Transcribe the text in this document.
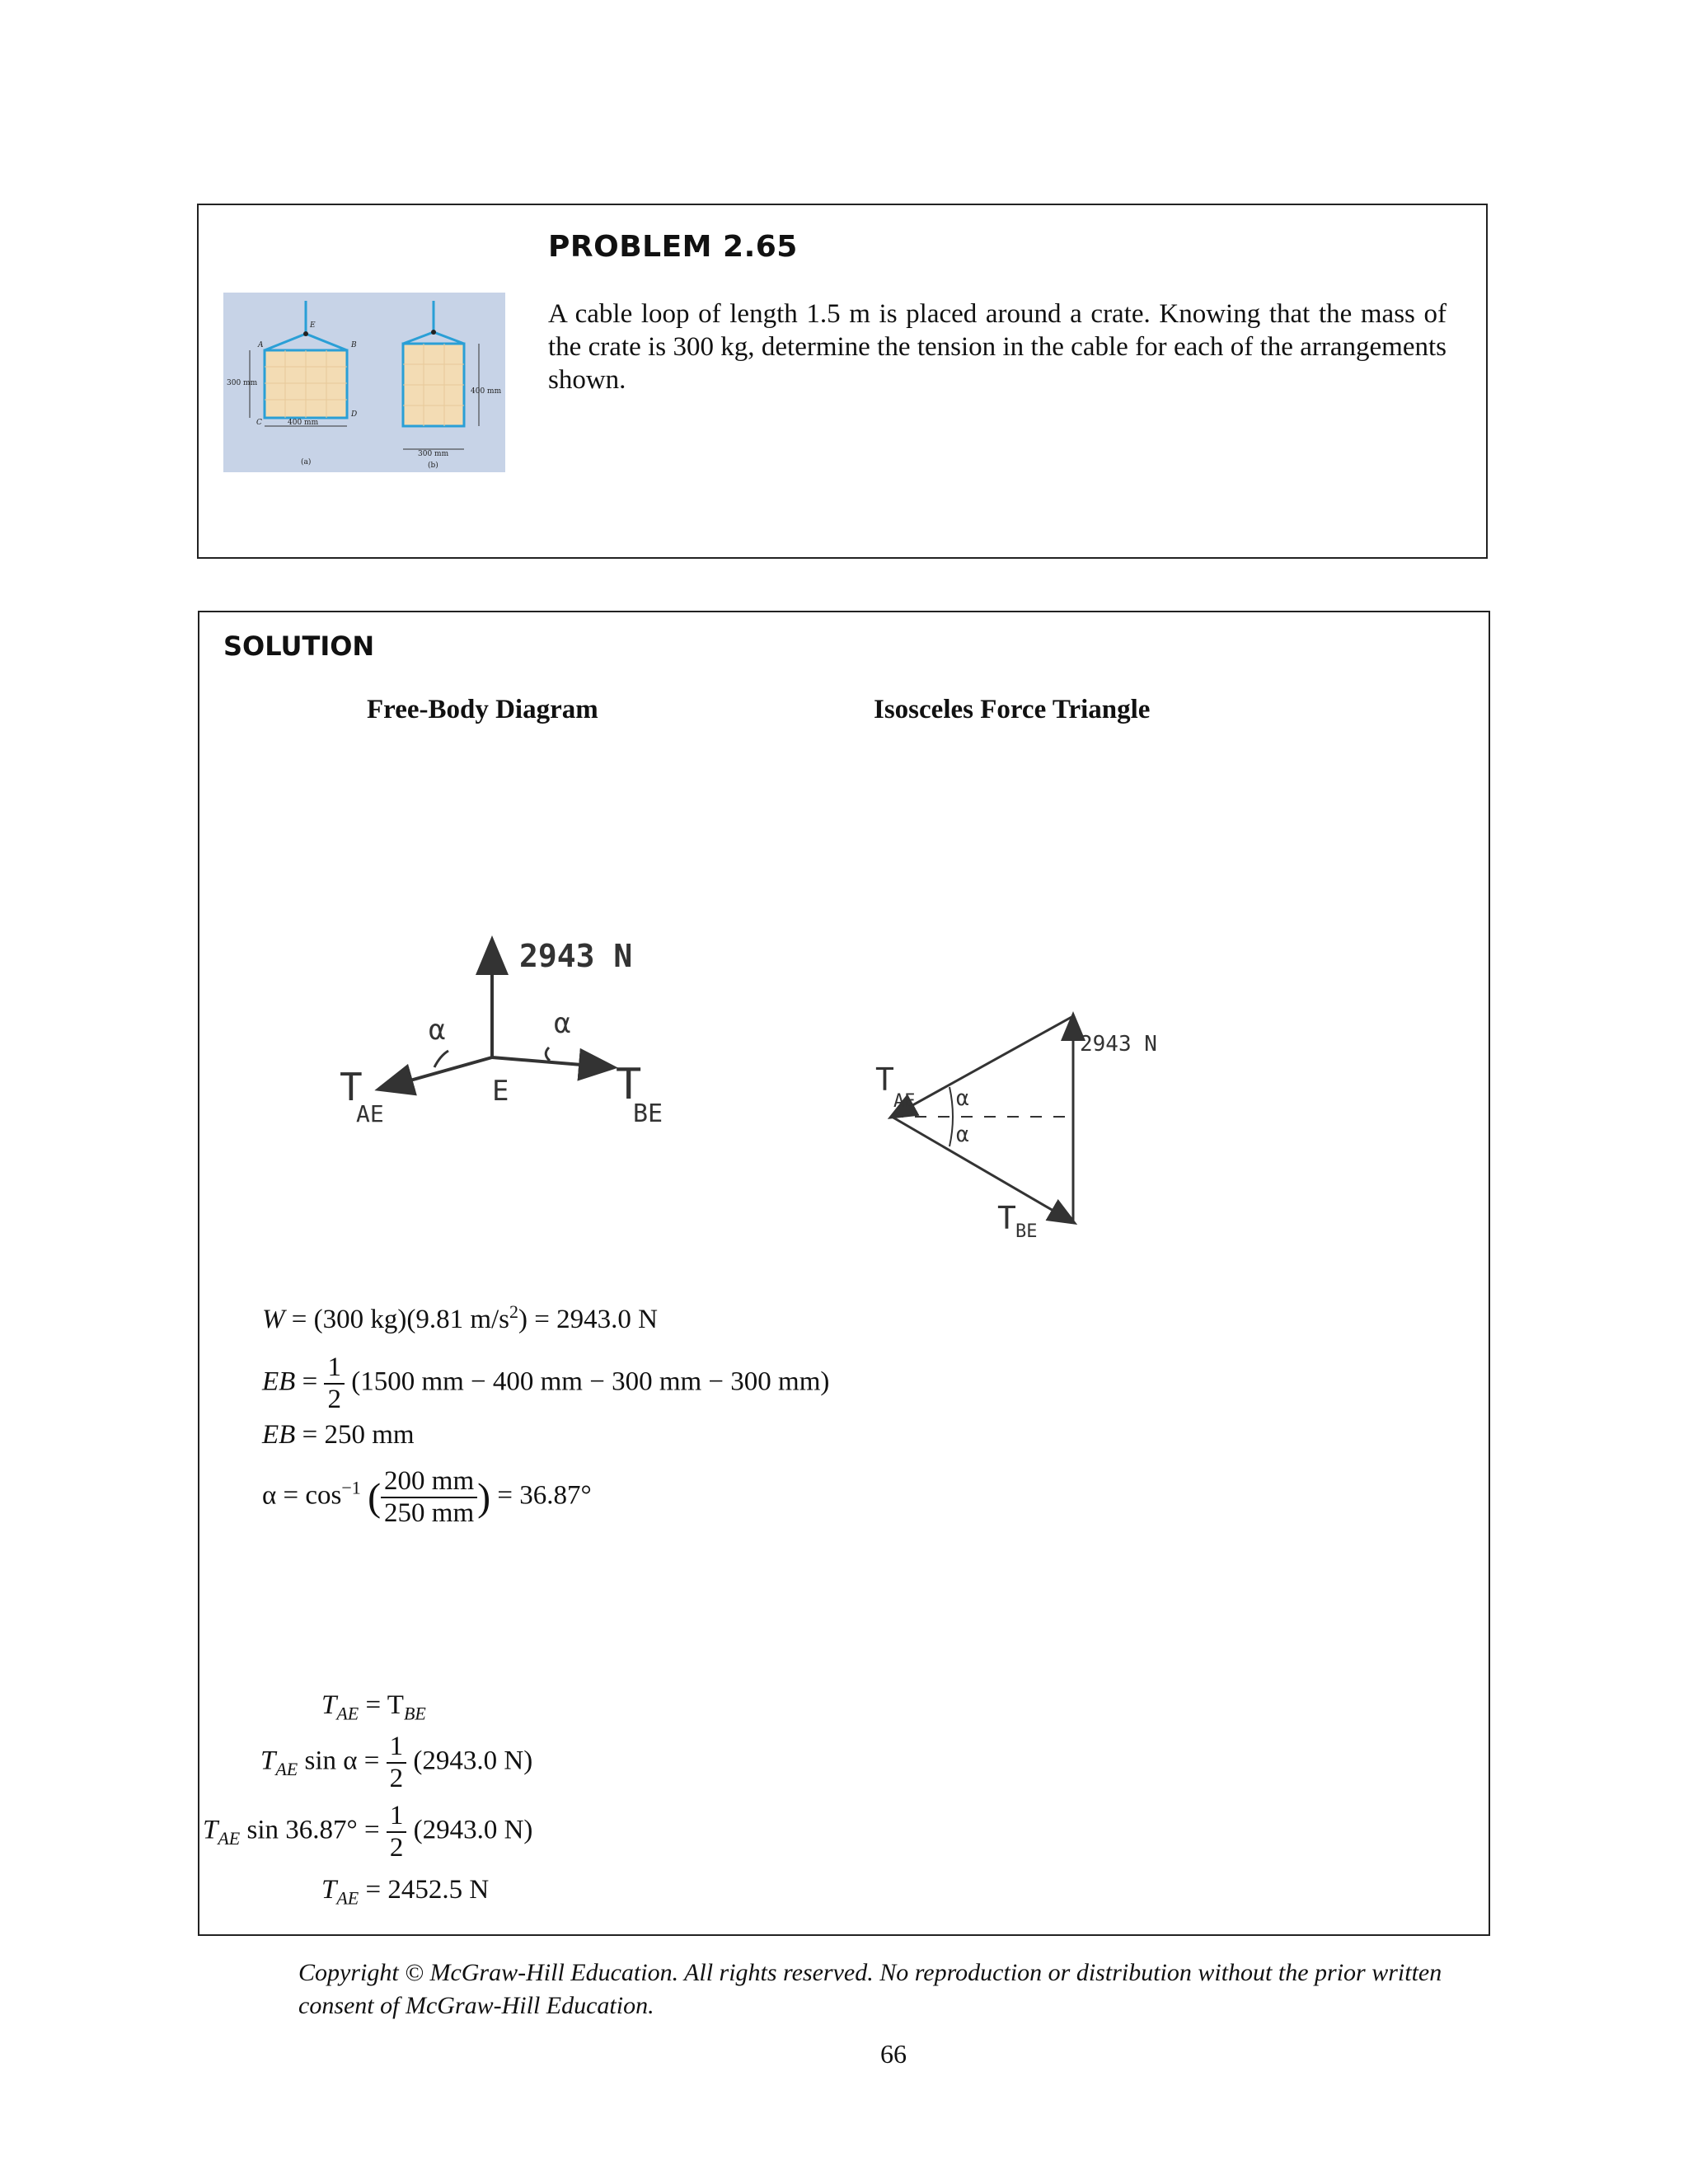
PROBLEM 2.65
A cable loop of length 1.5 m is placed around a crate. Knowing that the mass of the crate is 300 kg, determine the tension in the cable for each of the arrangements shown.
300 mm
400 mm
400 mm
300 mm
(a)	(b)
A	B
C
D
E
SOLUTION
Free-Body Diagram	Isosceles Force Triangle
2943 N
α	α
E
T
AE
T
BE
2943 N
α
α
T
AE
T BE
W = (300 kg)(9.81 $m/s^2) = 2943.0$ N
EB = $\frac{1}{2} (1500$ mm − 400 mm − 300 mm − 300 mm)
EB = 250 mm
$\alpha = \cos^{-1}$ ( $\frac{200 mm}{250 mm}$ ) = 36.87°
$T_{AE} = T_{BE}$
$T_{AE}$ $\sin \alpha = \frac{1}{2} (2943.0$ N)
$T_{AE}$ $\sin 36.87^\circ = \frac{1}{2} (2943.0$ N)
$T_{AE} = 2452.5$ N
Copyright © McGraw-Hill Education. All rights reserved. No reproduction or distribution without the prior written consent of McGraw-Hill Education.
66
